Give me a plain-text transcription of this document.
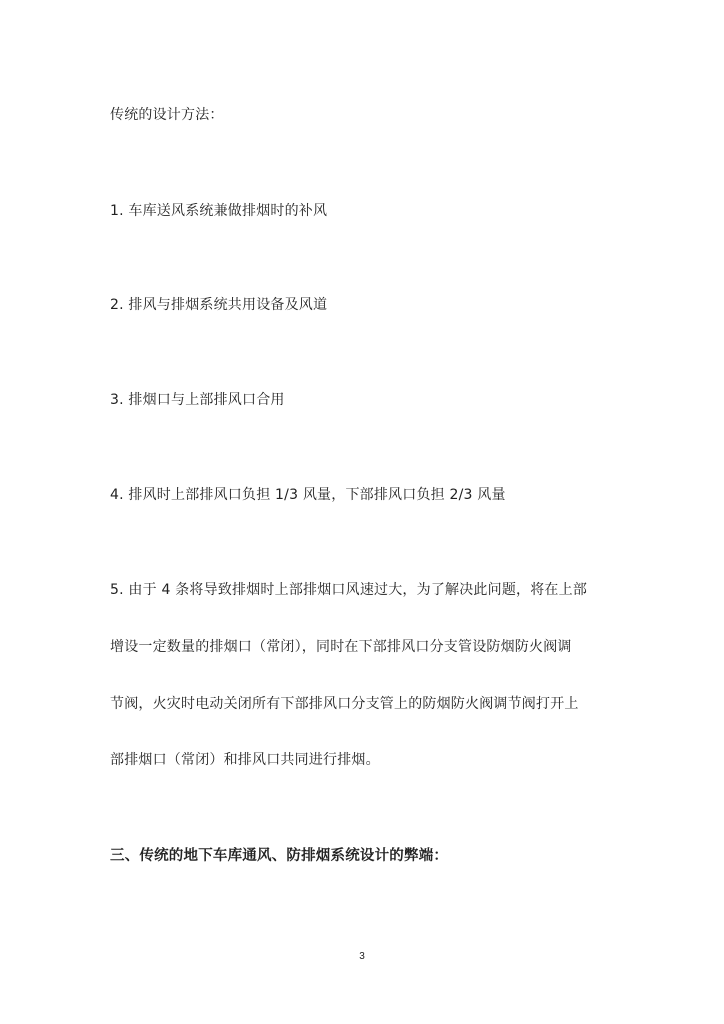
传统的设计方法：
1. 车库送风系统兼做排烟时的补风
2. 排风与排烟系统共用设备及风道
3. 排烟口与上部排风口合用
4. 排风时上部排风口负担 1/3 风量，下部排风口负担 2/3 风量
5. 由于 4 条将导致排烟时上部排烟口风速过大，为了解决此问题，将在上部
增设一定数量的排烟口（常闭），同时在下部排风口分支管设防烟防火阀调
节阀，火灾时电动关闭所有下部排风口分支管上的防烟防火阀调节阀打开上
部排烟口（常闭）和排风口共同进行排烟。
三、传统的地下车库通风、防排烟系统设计的弊端：
3
